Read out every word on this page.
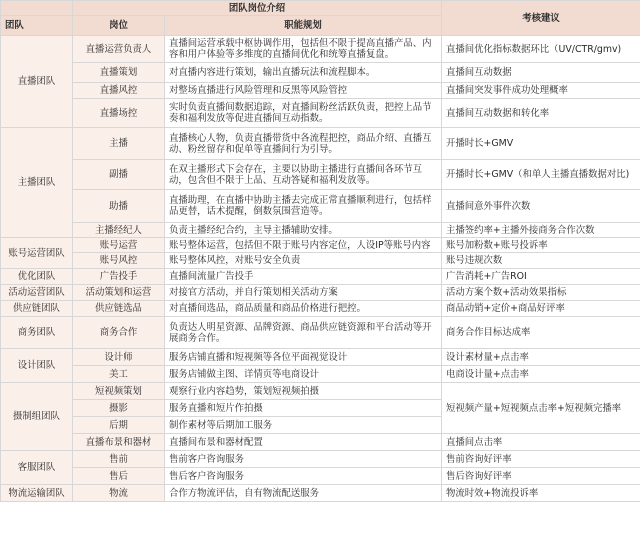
	团队岗位介绍		考核建议
团队	岗位	职能规划	
直播团队	直播运营负责人	直播间运营承载中枢协调作用，包括但不限于提高直播产品、内容和用户体验等多维度的直播间优化和统筹直播复盘。	直播间优化指标数据环比（UV/CTR/gmv)
	直播策划	对直播内容进行策划，输出直播玩法和流程脚本。	直播间互动数据
	直播风控	对整场直播进行风险管理和反黑等风险管控	直播间突发事件成功处理概率
	直播场控	实时负责直播间数据追踪，对直播间粉丝活跃负责，把控上品节奏和福利发放等促进直播间互动指数。	直播间互动数据和转化率
主播团队	主播	直播核心人物，负责直播带货中各流程把控，商品介绍、直播互动、粉丝留存和促单等直播间行为引导。	开播时长+GMV
	副播	在双主播形式下会存在，主要以协助主播进行直播间各环节互动，包含但不限于上品、互动答疑和福利发放等。	开播时长+GMV（和单人主播直播数据对比)
	助播	直播助理，在直播中协助主播去完成正常直播顺利进行，包括样品更替，话术提醒，倒数氛围营造等。	直播间意外事件次数
	主播经纪人	负责主播经纪合约，主导主播辅助安排。	主播签约率+主播外接商务合作次数
账号运营团队	账号运营	账号整体运营，包括但不限于账号内容定位，人设IP等账号内容	账号加粉数+账号投诉率
	账号风控	账号整体风控，对账号安全负责	账号违规次数
优化团队	广告投手	直播间流量广告投手	广告消耗+广告ROI
活动运营团队	活动策划和运营	对接官方活动，并自行策划相关活动方案	活动方案个数+活动效果指标
供应链团队	供应链选品	对直播间选品，商品质量和商品价格进行把控。	商品动销+定价+商品好评率
商务团队	商务合作	负责达人明星资源、品牌资源、商品供应链资源和平台活动等开展商务合作。	商务合作目标达成率
设计团队	设计师	服务店铺直播和短视频等各位平面视觉设计	设计素材量+点击率
	美工	服务店铺做主图、详情页等电商设计	电商设计量+点击率
摄制组团队	短视频策划	观察行业内容趋势，策划短视频拍摄	短视频产量+短视频点击率+短视频完播率
	摄影	服务直播和短片作拍摄	
	后期	制作素材等后期加工服务	
	直播布景和器材	直播间布景和器材配置	直播间点击率
客服团队	售前	售前客户咨询服务	售前咨询好评率
	售后	售后客户咨询服务	售后咨询好评率
物流运输团队	物流	合作方物流评估，自有物流配送服务	物流时效+物流投诉率
